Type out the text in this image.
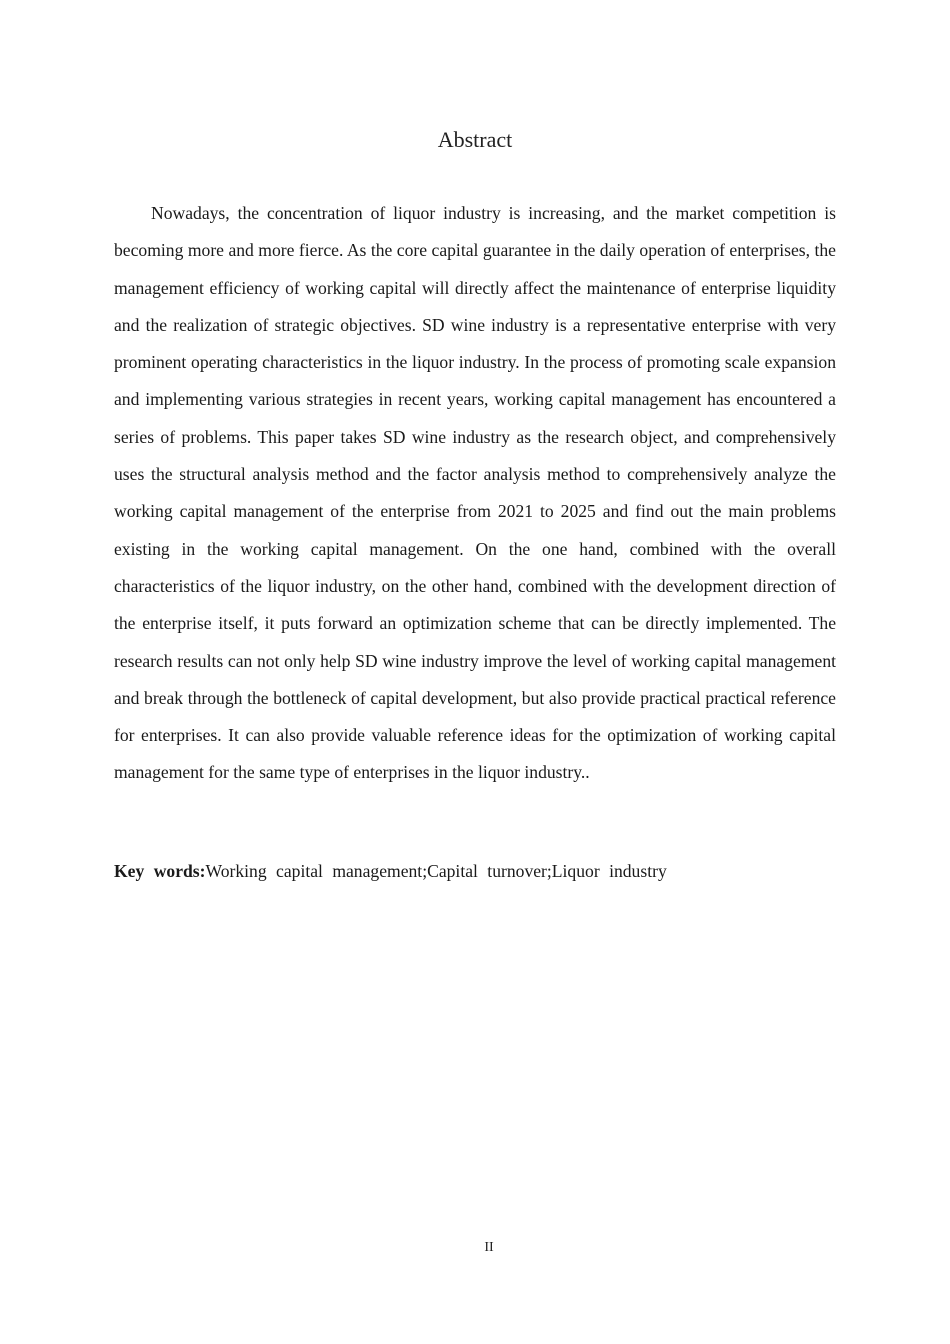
Abstract

Nowadays, the concentration of liquor industry is increasing, and the market competition is becoming more and more fierce. As the core capital guarantee in the daily operation of enterprises, the management efficiency of working capital will directly affect the maintenance of enterprise liquidity and the realization of strategic objectives. SD wine industry is a representative enterprise with very prominent operating characteristics in the liquor industry. In the process of promoting scale expansion and implementing various strategies in recent years, working capital management has encountered a series of problems. This paper takes SD wine industry as the research object, and comprehensively uses the structural analysis method and the factor analysis method to comprehensively analyze the working capital management of the enterprise from 2021 to 2025 and find out the main problems existing in the working capital management. On the one hand, combined with the overall characteristics of the liquor industry, on the other hand, combined with the development direction of the enterprise itself, it puts forward an optimization scheme that can be directly implemented. The research results can not only help SD wine industry improve the level of working capital management and break through the bottleneck of capital development, but also provide practical practical reference for enterprises. It can also provide valuable reference ideas for the optimization of working capital management for the same type of enterprises in the liquor industry..

Key words:Working capital management;Capital turnover;Liquor industry

II
